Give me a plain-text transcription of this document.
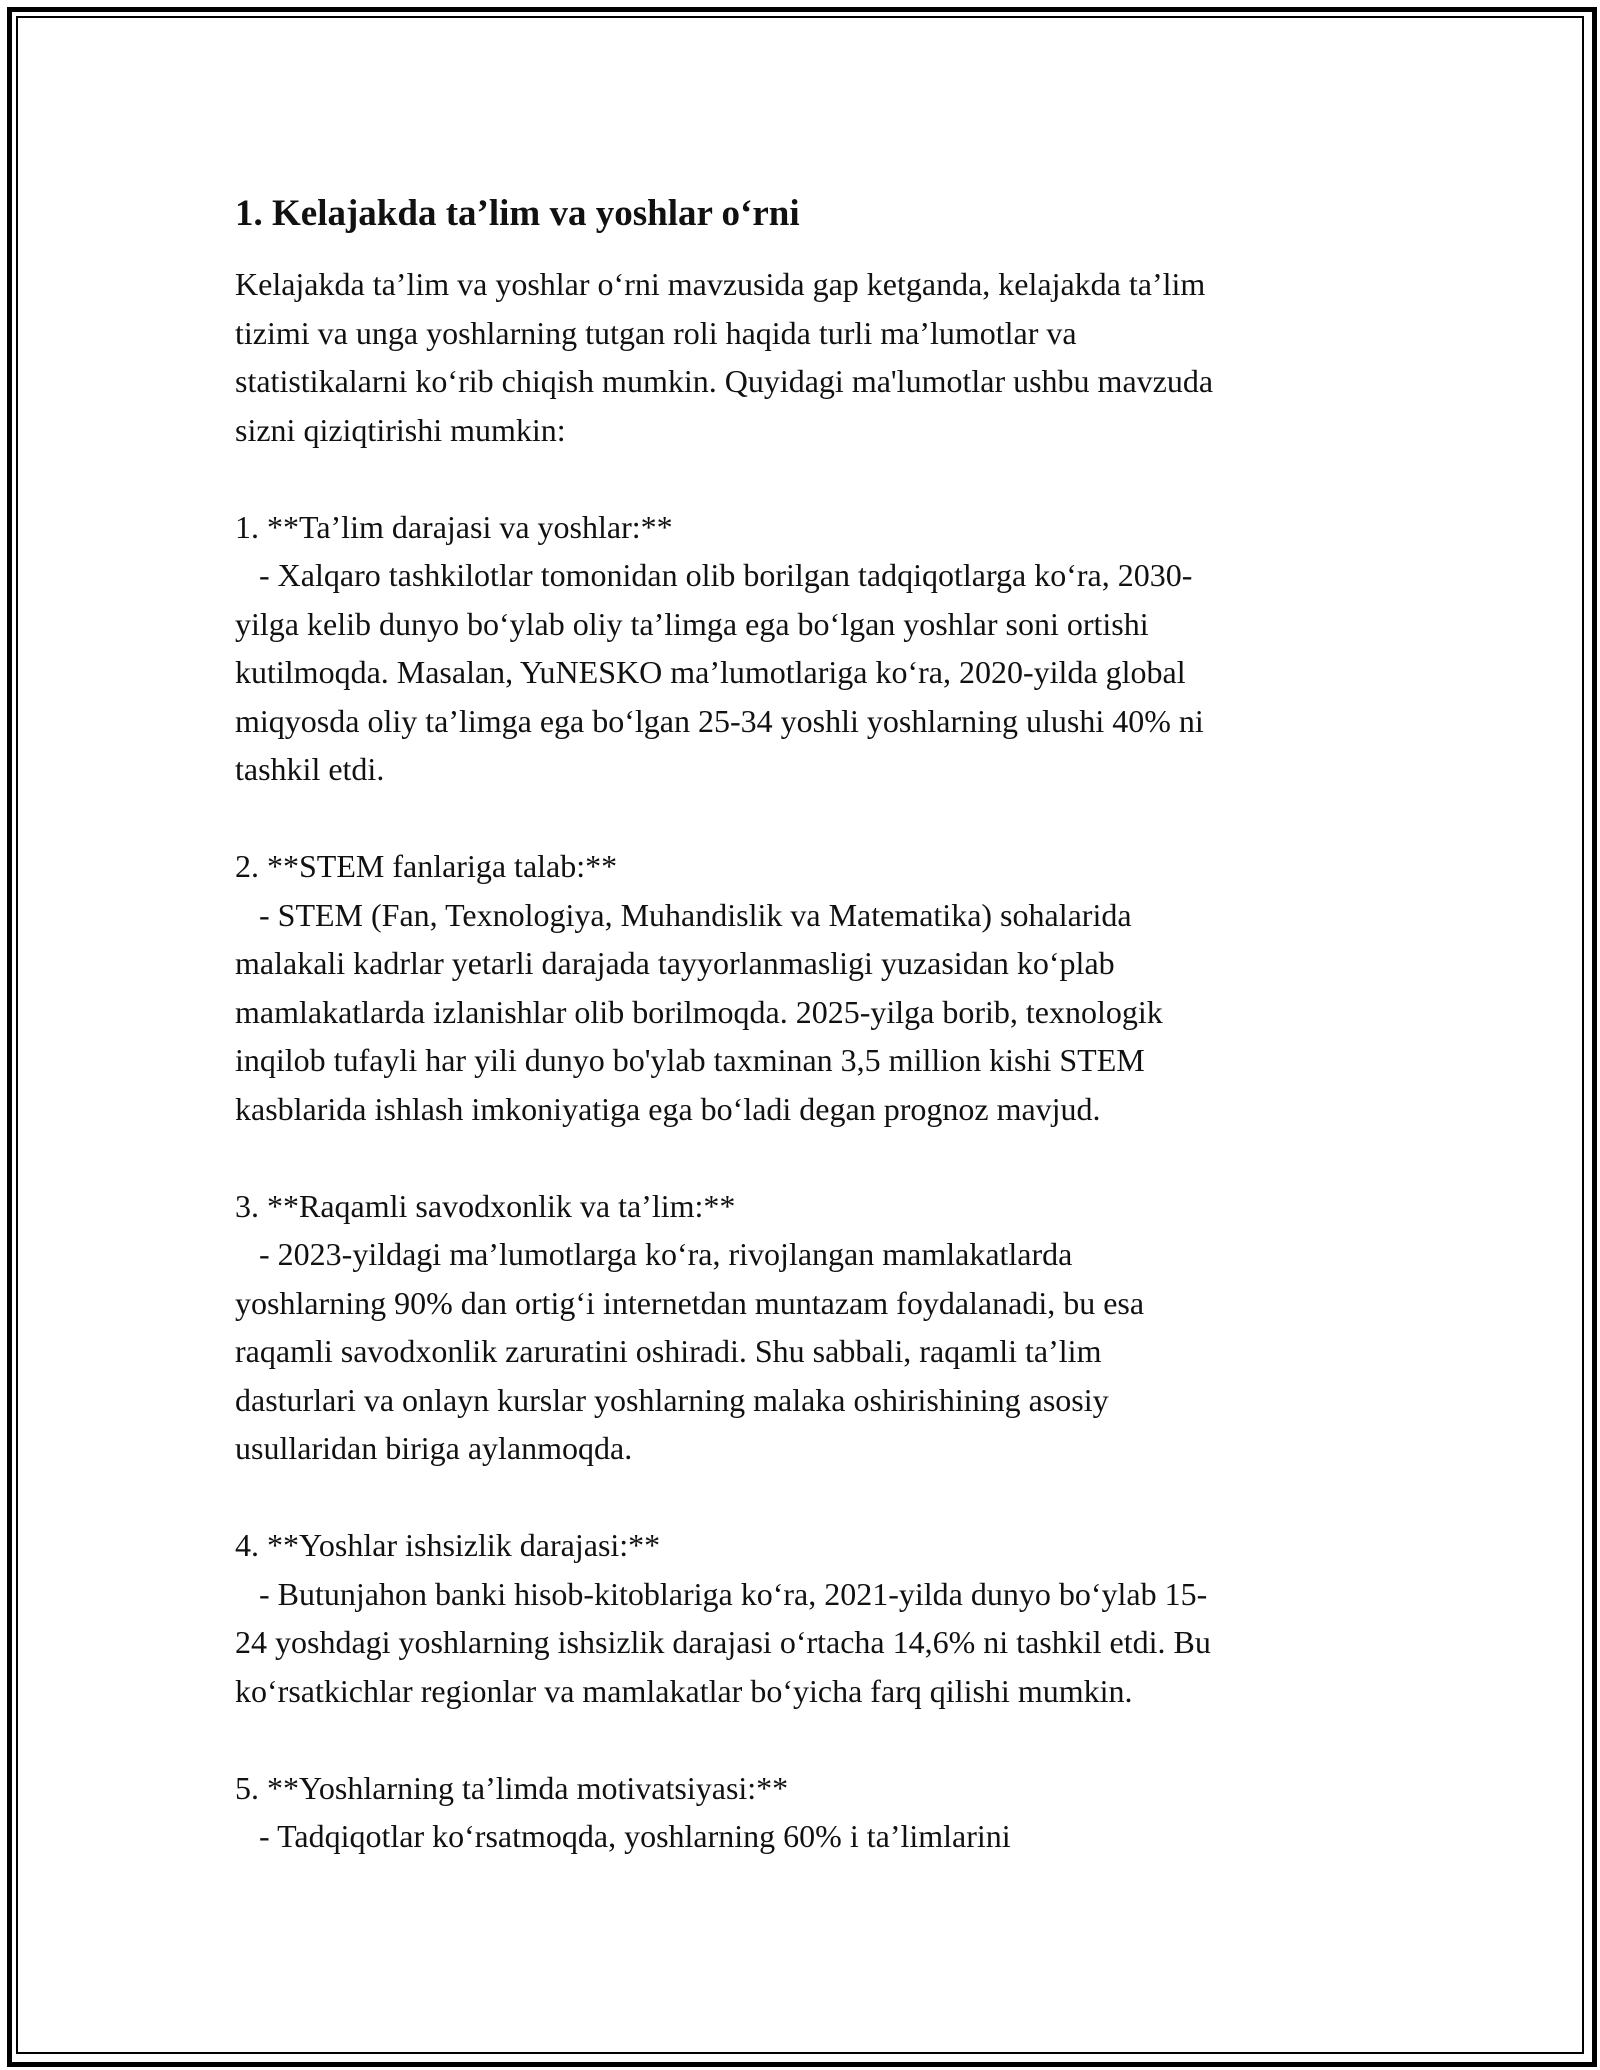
1. Kelajakda ta’lim va yoshlar o‘rni

Kelajakda ta’lim va yoshlar o‘rni mavzusida gap ketganda, kelajakda ta’lim
tizimi va unga yoshlarning tutgan roli haqida turli ma’lumotlar va
statistikalarni ko‘rib chiqish mumkin. Quyidagi ma'lumotlar ushbu mavzuda
sizni qiziqtirishi mumkin:

1. **Ta’lim darajasi va yoshlar:**
- Xalqaro tashkilotlar tomonidan olib borilgan tadqiqotlarga ko‘ra, 2030-
yilga kelib dunyo bo‘ylab oliy ta’limga ega bo‘lgan yoshlar soni ortishi
kutilmoqda. Masalan, YuNESKO ma’lumotlariga ko‘ra, 2020-yilda global
miqyosda oliy ta’limga ega bo‘lgan 25-34 yoshli yoshlarning ulushi 40% ni
tashkil etdi.
2. **STEM fanlariga talab:**
- STEM (Fan, Texnologiya, Muhandislik va Matematika) sohalarida
malakali kadrlar yetarli darajada tayyorlanmasligi yuzasidan ko‘plab
mamlakatlarda izlanishlar olib borilmoqda. 2025-yilga borib, texnologik
inqilob tufayli har yili dunyo bo'ylab taxminan 3,5 million kishi STEM
kasblarida ishlash imkoniyatiga ega bo‘ladi degan prognoz mavjud.
3. **Raqamli savodxonlik va ta’lim:**
- 2023-yildagi ma’lumotlarga ko‘ra, rivojlangan mamlakatlarda
yoshlarning 90% dan ortig‘i internetdan muntazam foydalanadi, bu esa
raqamli savodxonlik zaruratini oshiradi. Shu sabbali, raqamli ta’lim
dasturlari va onlayn kurslar yoshlarning malaka oshirishining asosiy
usullaridan biriga aylanmoqda.
4. **Yoshlar ishsizlik darajasi:**
- Butunjahon banki hisob-kitoblariga ko‘ra, 2021-yilda dunyo bo‘ylab 15-
24 yoshdagi yoshlarning ishsizlik darajasi o‘rtacha 14,6% ni tashkil etdi. Bu
ko‘rsatkichlar regionlar va mamlakatlar bo‘yicha farq qilishi mumkin.
5. **Yoshlarning ta’limda motivatsiyasi:**
- Tadqiqotlar ko‘rsatmoqda, yoshlarning 60% i ta’limlarini
